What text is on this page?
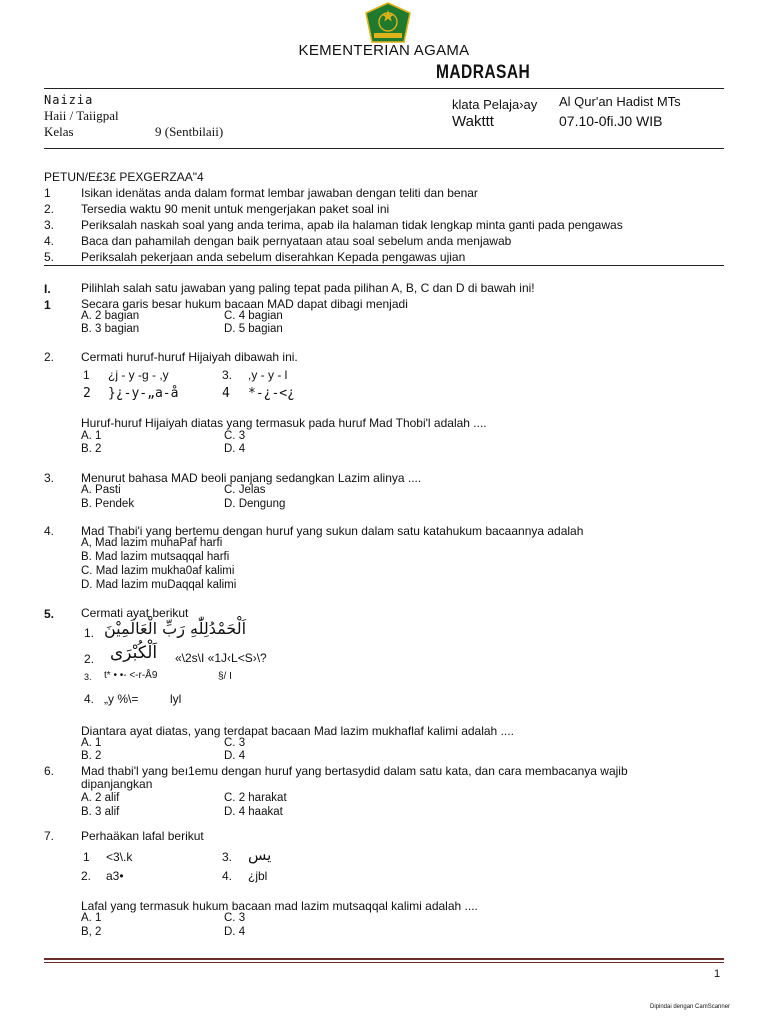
KEMENTERIAN AGAMA
MADRASAH
Naizia
Haii / Taiigpal
Kelas	9 (Sentbilaii)
klata Pelaja›ay Al Qur'an Hadist MTs
Wakttt	07.10-0fi.J0 WIB
PETUN/E£3£ PEXGERZAA"4
1	Isikan idenätas anda dalam format lembar jawaban dengan teliti dan benar
2. Tersedia waktu 90 menit untuk mengerjakan paket soal ini
3. Periksalah naskah soal yang anda terima, apab ila halaman tidak lengkap minta ganti pada pengawas
4. Baca dan pahamilah dengan baik pernyataan atau soal sebelum anda menjawab
5. Periksalah pekerjaan anda sebelum diserahkan Kepada pengawas ujian
I.	Pilihlah salah satu jawaban yang paling tepat pada pilihan A, B, C dan D di bawah ini!
1	Secara garis besar hukum bacaan MAD dapat dibagi menjadi
A. 2 bagian	C. 4 bagian
B. 3 bagian	D. 5 bagian
2. Cermati huruf-huruf Hijaiyah dibawah ini.
1 ¿j - y -g - ,y	3. ,y - y - l
2 }¿-y-„a-å	4 *-¿-<¿
Huruf-huruf Hijaiyah diatas yang termasuk pada huruf Mad Thobi'l adalah ....
A. 1	C. 3
B. 2	D. 4
3. Menurut bahasa MAD beoli panjang sedangkan Lazim alinya ....
A. Pasti	C. Jelas
B. Pendek	D. Dengung
4. Mad Thabi'i yang bertemu dengan huruf yang sukun dalam satu katahukum bacaannya adalah
A, Mad lazim muhaPaf harfi
B. Mad lazim mutsaqqal harfi
C. Mad lazim mukha0af kalimi
D. Mad lazim muDaqqal kalimi
5. Cermati ayat berikut
1. اَلْحَمْدُلِلّٰهِ رَبِّ الْعَالَمِيْنَ
2. اَلْكُبْرَى «\2s\I «1J‹L<S›\?
3. t* • •- <-r-Å9	§/ I
4. „y %\=	lyl
Diantara ayat diatas, yang terdapat bacaan Mad lazim mukhaflaf kalimi adalah ....
A. 1	C. 3
B. 2	D. 4
6. Mad thabi'l yang beı1emu dengan huruf yang bertasydid dalam satu kata, dan cara membacanya wajib
dipanjangkan
A. 2 alif	C. 2 harakat
B. 3 alif	D. 4 haakat
7. Perhaäkan lafal berikut
1 <3\.k	3. يس
2. a3•	4. ¿jbl
Lafal yang termasuk hukum bacaan mad lazim mutsaqqal kalimi adalah ....
A. 1	C. 3
B, 2	D. 4
1
Dipindai dengan CamScanner
